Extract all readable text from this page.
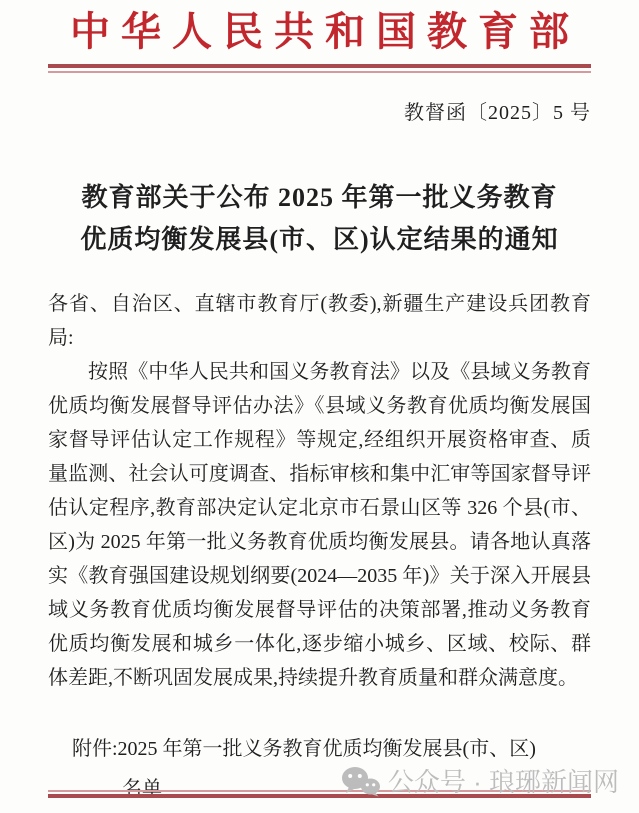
中华人民共和国教育部
教督函〔2025〕5 号
教育部关于公布 2025 年第一批义务教育
优质均衡发展县(市、区)认定结果的通知

各省、自治区、直辖市教育厅(教委),新疆生产建设兵团教育局:

按照《中华人民共和国义务教育法》以及《县域义务教育优质均衡发展督导评估办法》《县域义务教育优质均衡发展国家督导评估认定工作规程》等规定,经组织开展资格审查、质量监测、社会认可度调查、指标审核和集中汇审等国家督导评估认定程序,教育部决定认定北京市石景山区等 326 个县(市、区)为 2025 年第一批义务教育优质均衡发展县。请各地认真落实《教育强国建设规划纲要(2024—2035 年)》关于深入开展县域义务教育优质均衡发展督导评估的决策部署,推动义务教育优质均衡发展和城乡一体化,逐步缩小城乡、区域、校际、群体差距,不断巩固发展成果,持续提升教育质量和群众满意度。

附件:2025 年第一批义务教育优质均衡发展县(市、区)
名单	公众号 · 琅琊新闻网
